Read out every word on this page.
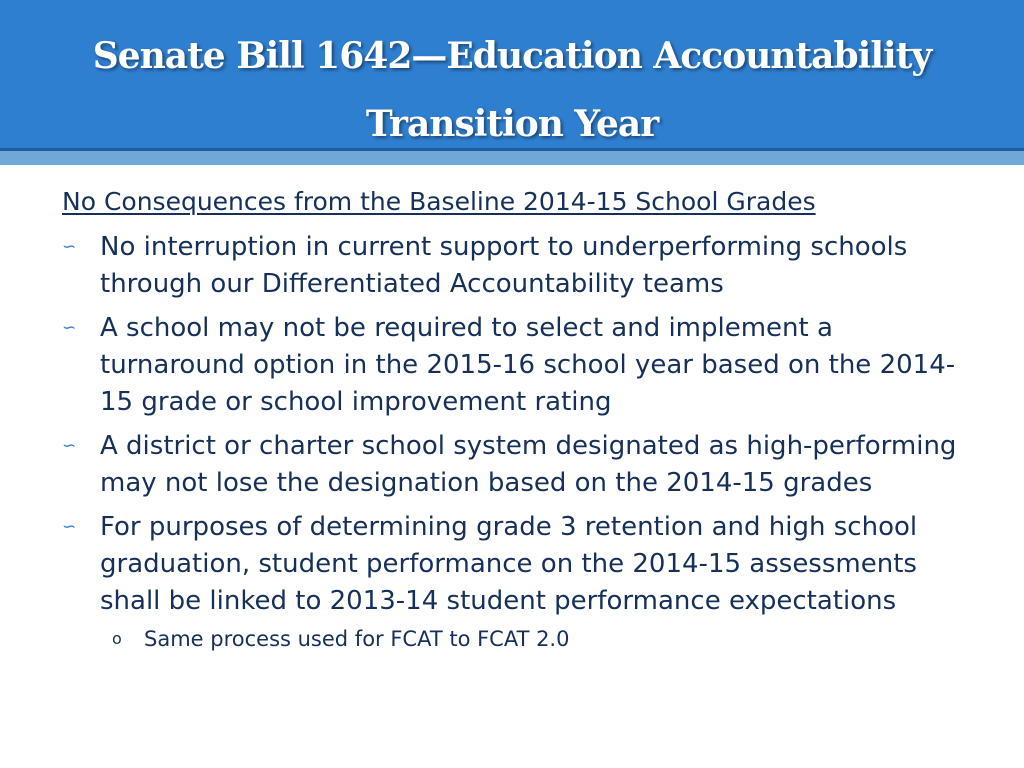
Senate Bill 1642—Education Accountability
Transition Year

No Consequences from the Baseline 2014-15 School Grades

∽ No interruption in current support to underperforming schools through our Differentiated Accountability teams
∽ A school may not be required to select and implement a turnaround option in the 2015-16 school year based on the 2014-15 grade or school improvement rating
∽ A district or charter school system designated as high-performing may not lose the designation based on the 2014-15 grades
∽ For purposes of determining grade 3 retention and high school graduation, student performance on the 2014-15 assessments shall be linked to 2013-14 student performance expectations
o Same process used for FCAT to FCAT 2.0
